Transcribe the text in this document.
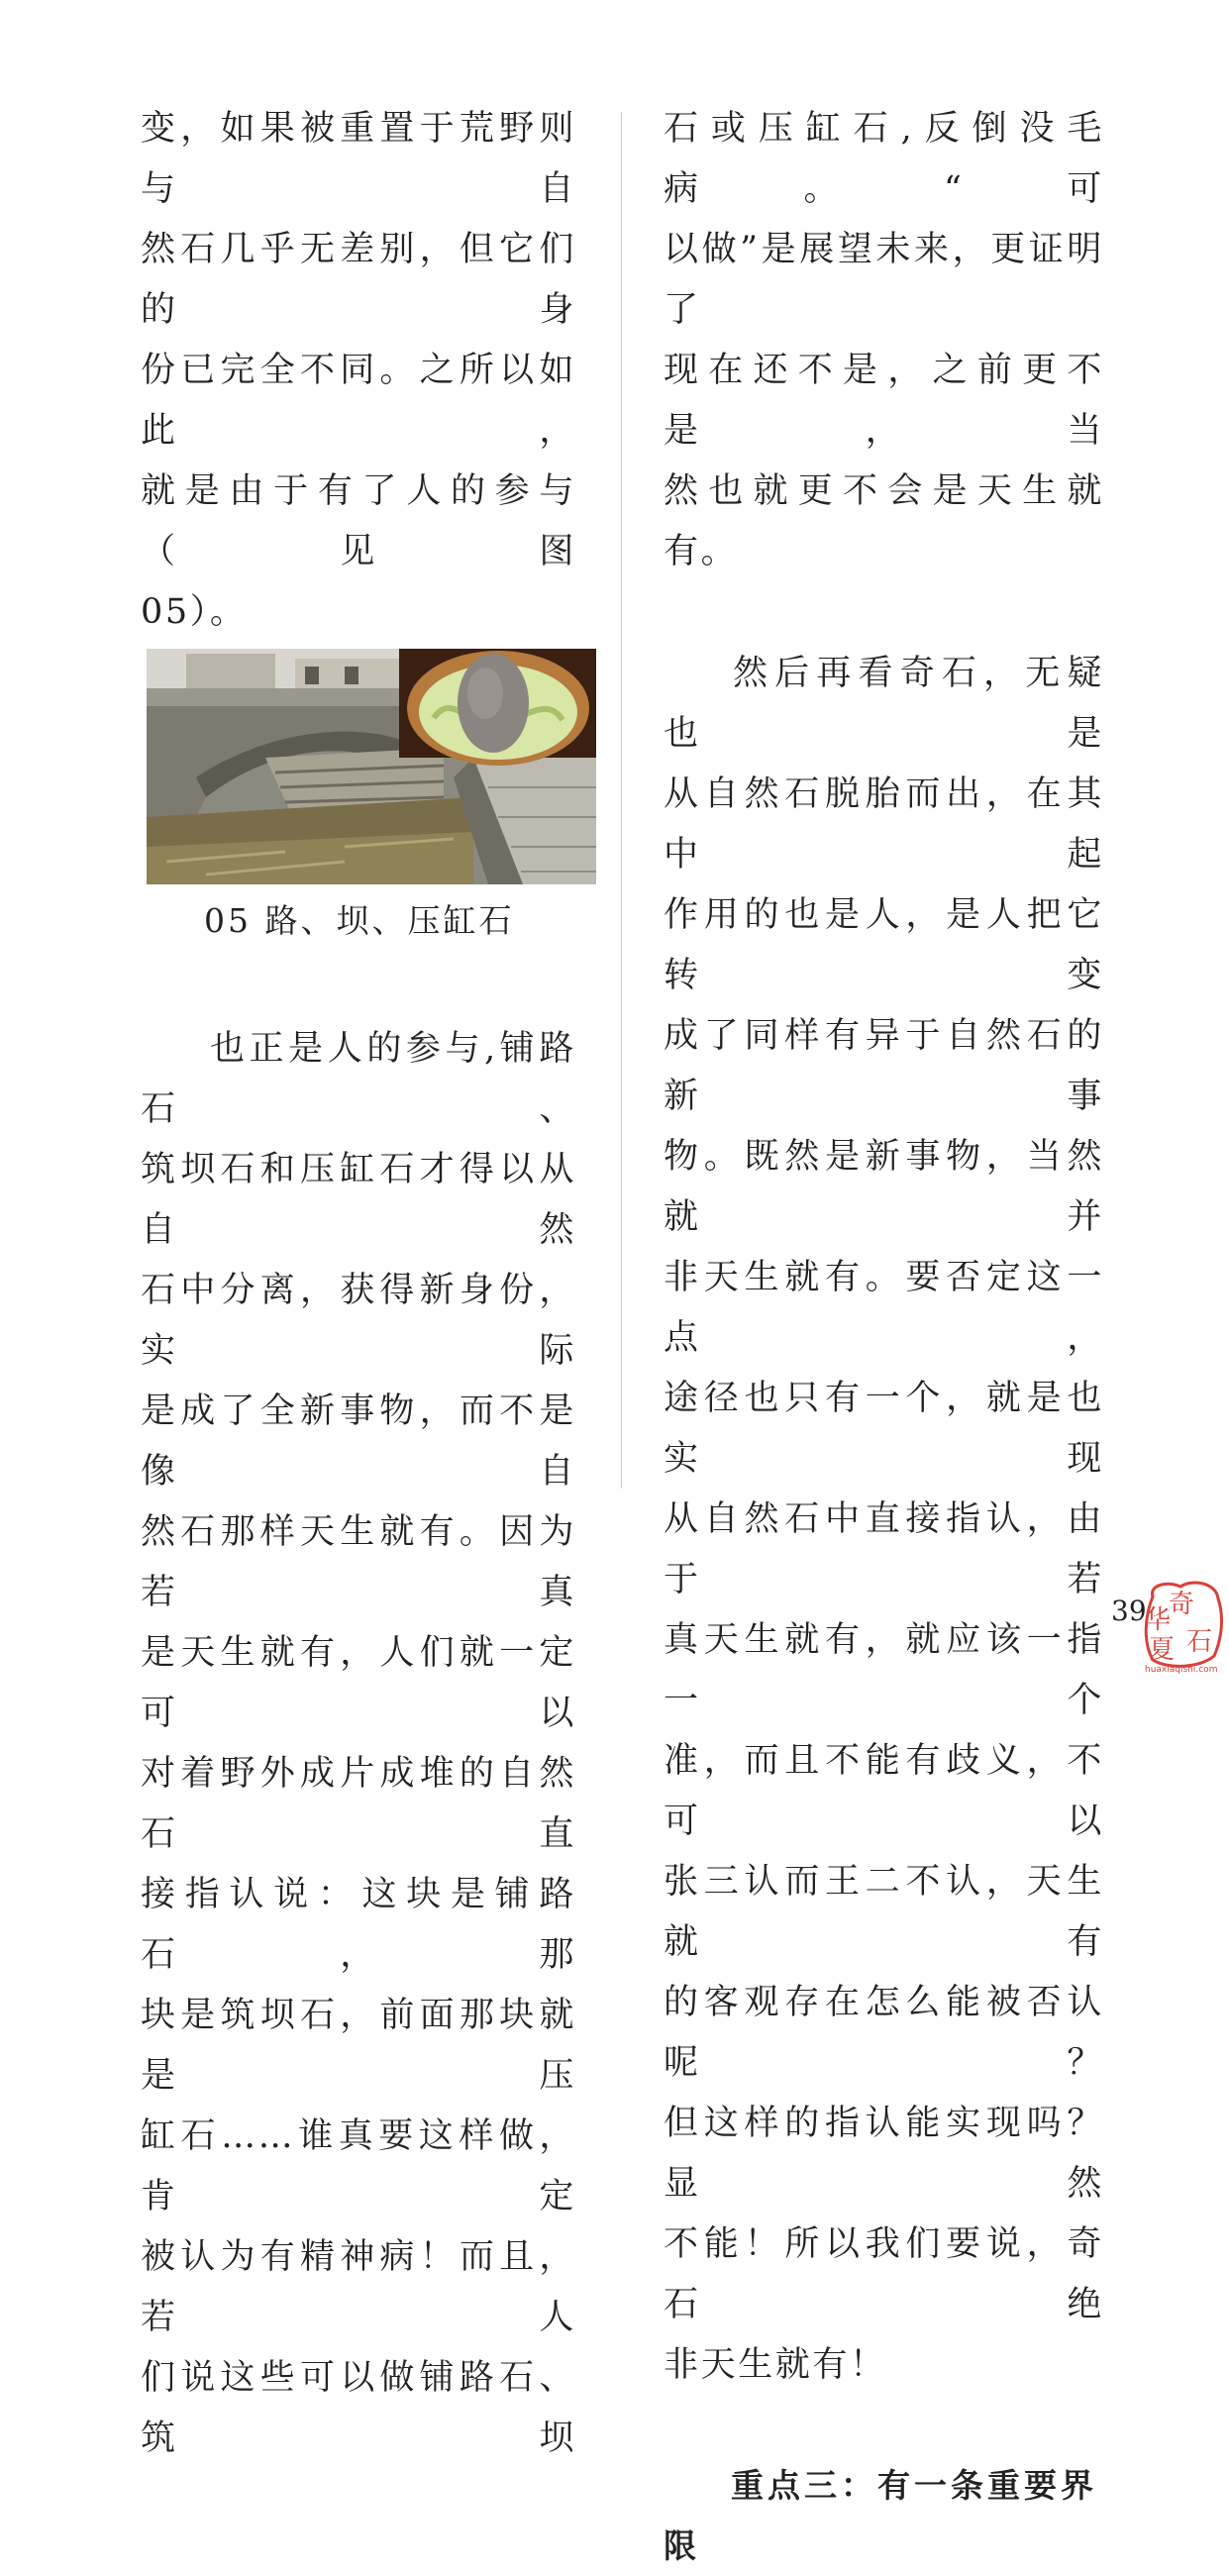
变，如果被重置于荒野则与自

然石几乎无差别，但它们的身

份已完全不同。之所以如此，

就是由于有了人的参与（见图

05）。

05 路、坝、压缸石

也正是人的参与,铺路石、

筑坝石和压缸石才得以从自然

石中分离，获得新身份，实际

是成了全新事物，而不是像自

然石那样天生就有。因为若真

是天生就有，人们就一定可以

对着野外成片成堆的自然石直

接指认说：这块是铺路石，那

块是筑坝石，前面那块就是压

缸石……谁真要这样做，肯定

被认为有精神病！而且，若人

们说这些可以做铺路石、筑坝

石或压缸石,反倒没毛病。“可

以做”是展望未来，更证明了

现在还不是，之前更不是，当

然也就更不会是天生就有。

然后再看奇石，无疑也是

从自然石脱胎而出，在其中起

作用的也是人，是人把它转变

成了同样有异于自然石的新事

物。既然是新事物，当然就并

非天生就有。要否定这一点，

途径也只有一个，就是也实现

从自然石中直接指认，由于若

真天生就有，就应该一指一个

准，而且不能有歧义，不可以

张三认而王二不认，天生就有

的客观存在怎么能被否认呢？

但这样的指认能实现吗？显然

不能！所以我们要说，奇石绝

非天生就有！

重点三：有一条重要界限

39 奇
华
夏 石
huaxiaqishi.com
